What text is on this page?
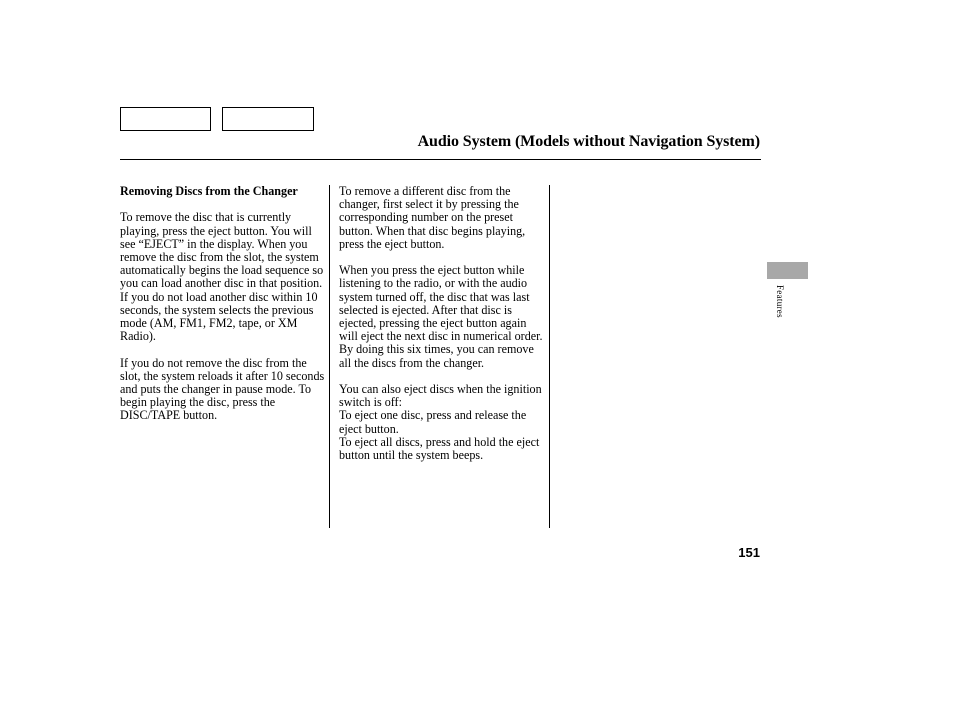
Audio System (Models without Navigation System)

Removing Discs from the Changer

To remove the disc that is currently playing, press the eject button. You will see “EJECT” in the display. When you remove the disc from the slot, the system automatically begins the load sequence so you can load another disc in that position. If you do not load another disc within 10 seconds, the system selects the previous mode (AM, FM1, FM2, tape, or XM Radio).

If you do not remove the disc from the slot, the system reloads it after 10 seconds and puts the changer in pause mode. To begin playing the disc, press the DISC/TAPE button.

To remove a different disc from the changer, first select it by pressing the corresponding number on the preset button. When that disc begins playing, press the eject button.

When you press the eject button while listening to the radio, or with the audio system turned off, the disc that was last selected is ejected. After that disc is ejected, pressing the eject button again will eject the next disc in numerical order. By doing this six times, you can remove all the discs from the changer.

You can also eject discs when the ignition switch is off:
To eject one disc, press and release the eject button.
To eject all discs, press and hold the eject button until the system beeps.

Features
151
